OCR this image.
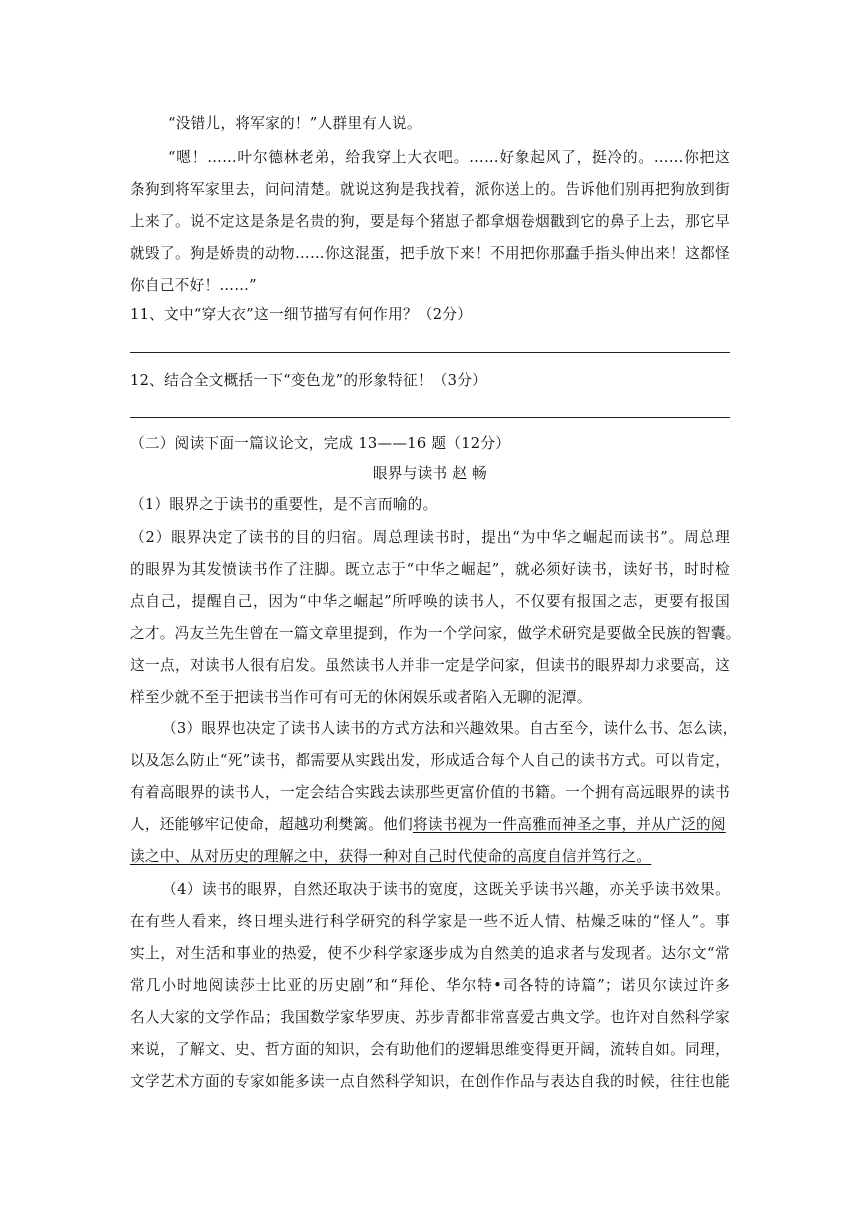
“没错儿，将军家的！”人群里有人说。
“嗯！……叶尔德林老弟，给我穿上大衣吧。……好象起风了，挺冷的。……你把这
条狗到将军家里去，问问清楚。就说这狗是我找着，派你送上的。告诉他们别再把狗放到街
上来了。说不定这是条是名贵的狗，要是每个猪崽子都拿烟卷烟戳到它的鼻子上去，那它早
就毁了。狗是娇贵的动物……你这混蛋，把手放下来！不用把你那蠢手指头伸出来！这都怪
你自己不好！……”
11、文中“穿大衣”这一细节描写有何作用？（2分）
12、结合全文概括一下“变色龙”的形象特征！（3分）
（二）阅读下面一篇议论文，完成 13——16 题（12分）
眼界与读书 赵 畅
（1）眼界之于读书的重要性，是不言而喻的。
（2）眼界决定了读书的目的归宿。周总理读书时，提出“为中华之崛起而读书”。周总理
的眼界为其发愤读书作了注脚。既立志于“中华之崛起”，就必须好读书，读好书，时时检
点自己，提醒自己，因为“中华之崛起”所呼唤的读书人，不仅要有报国之志，更要有报国
之才。冯友兰先生曾在一篇文章里提到，作为一个学问家，做学术研究是要做全民族的智囊。
这一点，对读书人很有启发。虽然读书人并非一定是学问家，但读书的眼界却力求要高，这
样至少就不至于把读书当作可有可无的休闲娱乐或者陷入无聊的泥潭。
（3）眼界也决定了读书人读书的方式方法和兴趣效果。自古至今，读什么书、怎么读，
以及怎么防止“死”读书，都需要从实践出发，形成适合每个人自己的读书方式。可以肯定，
有着高眼界的读书人，一定会结合实践去读那些更富价值的书籍。一个拥有高远眼界的读书
人，还能够牢记使命，超越功利樊篱。他们将读书视为一件高雅而神圣之事，并从广泛的阅
读之中、从对历史的理解之中，获得一种对自己时代使命的高度自信并笃行之。
（4）读书的眼界，自然还取决于读书的宽度，这既关乎读书兴趣，亦关乎读书效果。
在有些人看来，终日埋头进行科学研究的科学家是一些不近人情、枯燥乏味的“怪人”。事
实上，对生活和事业的热爱，使不少科学家逐步成为自然美的追求者与发现者。达尔文“常
常几小时地阅读莎士比亚的历史剧”和“拜伦、华尔特•司各特的诗篇”；诺贝尔读过许多
名人大家的文学作品；我国数学家华罗庚、苏步青都非常喜爱古典文学。也许对自然科学家
来说，了解文、史、哲方面的知识，会有助他们的逻辑思维变得更开阔，流转自如。同理，
文学艺术方面的专家如能多读一点自然科学知识，在创作作品与表达自我的时候，往往也能
